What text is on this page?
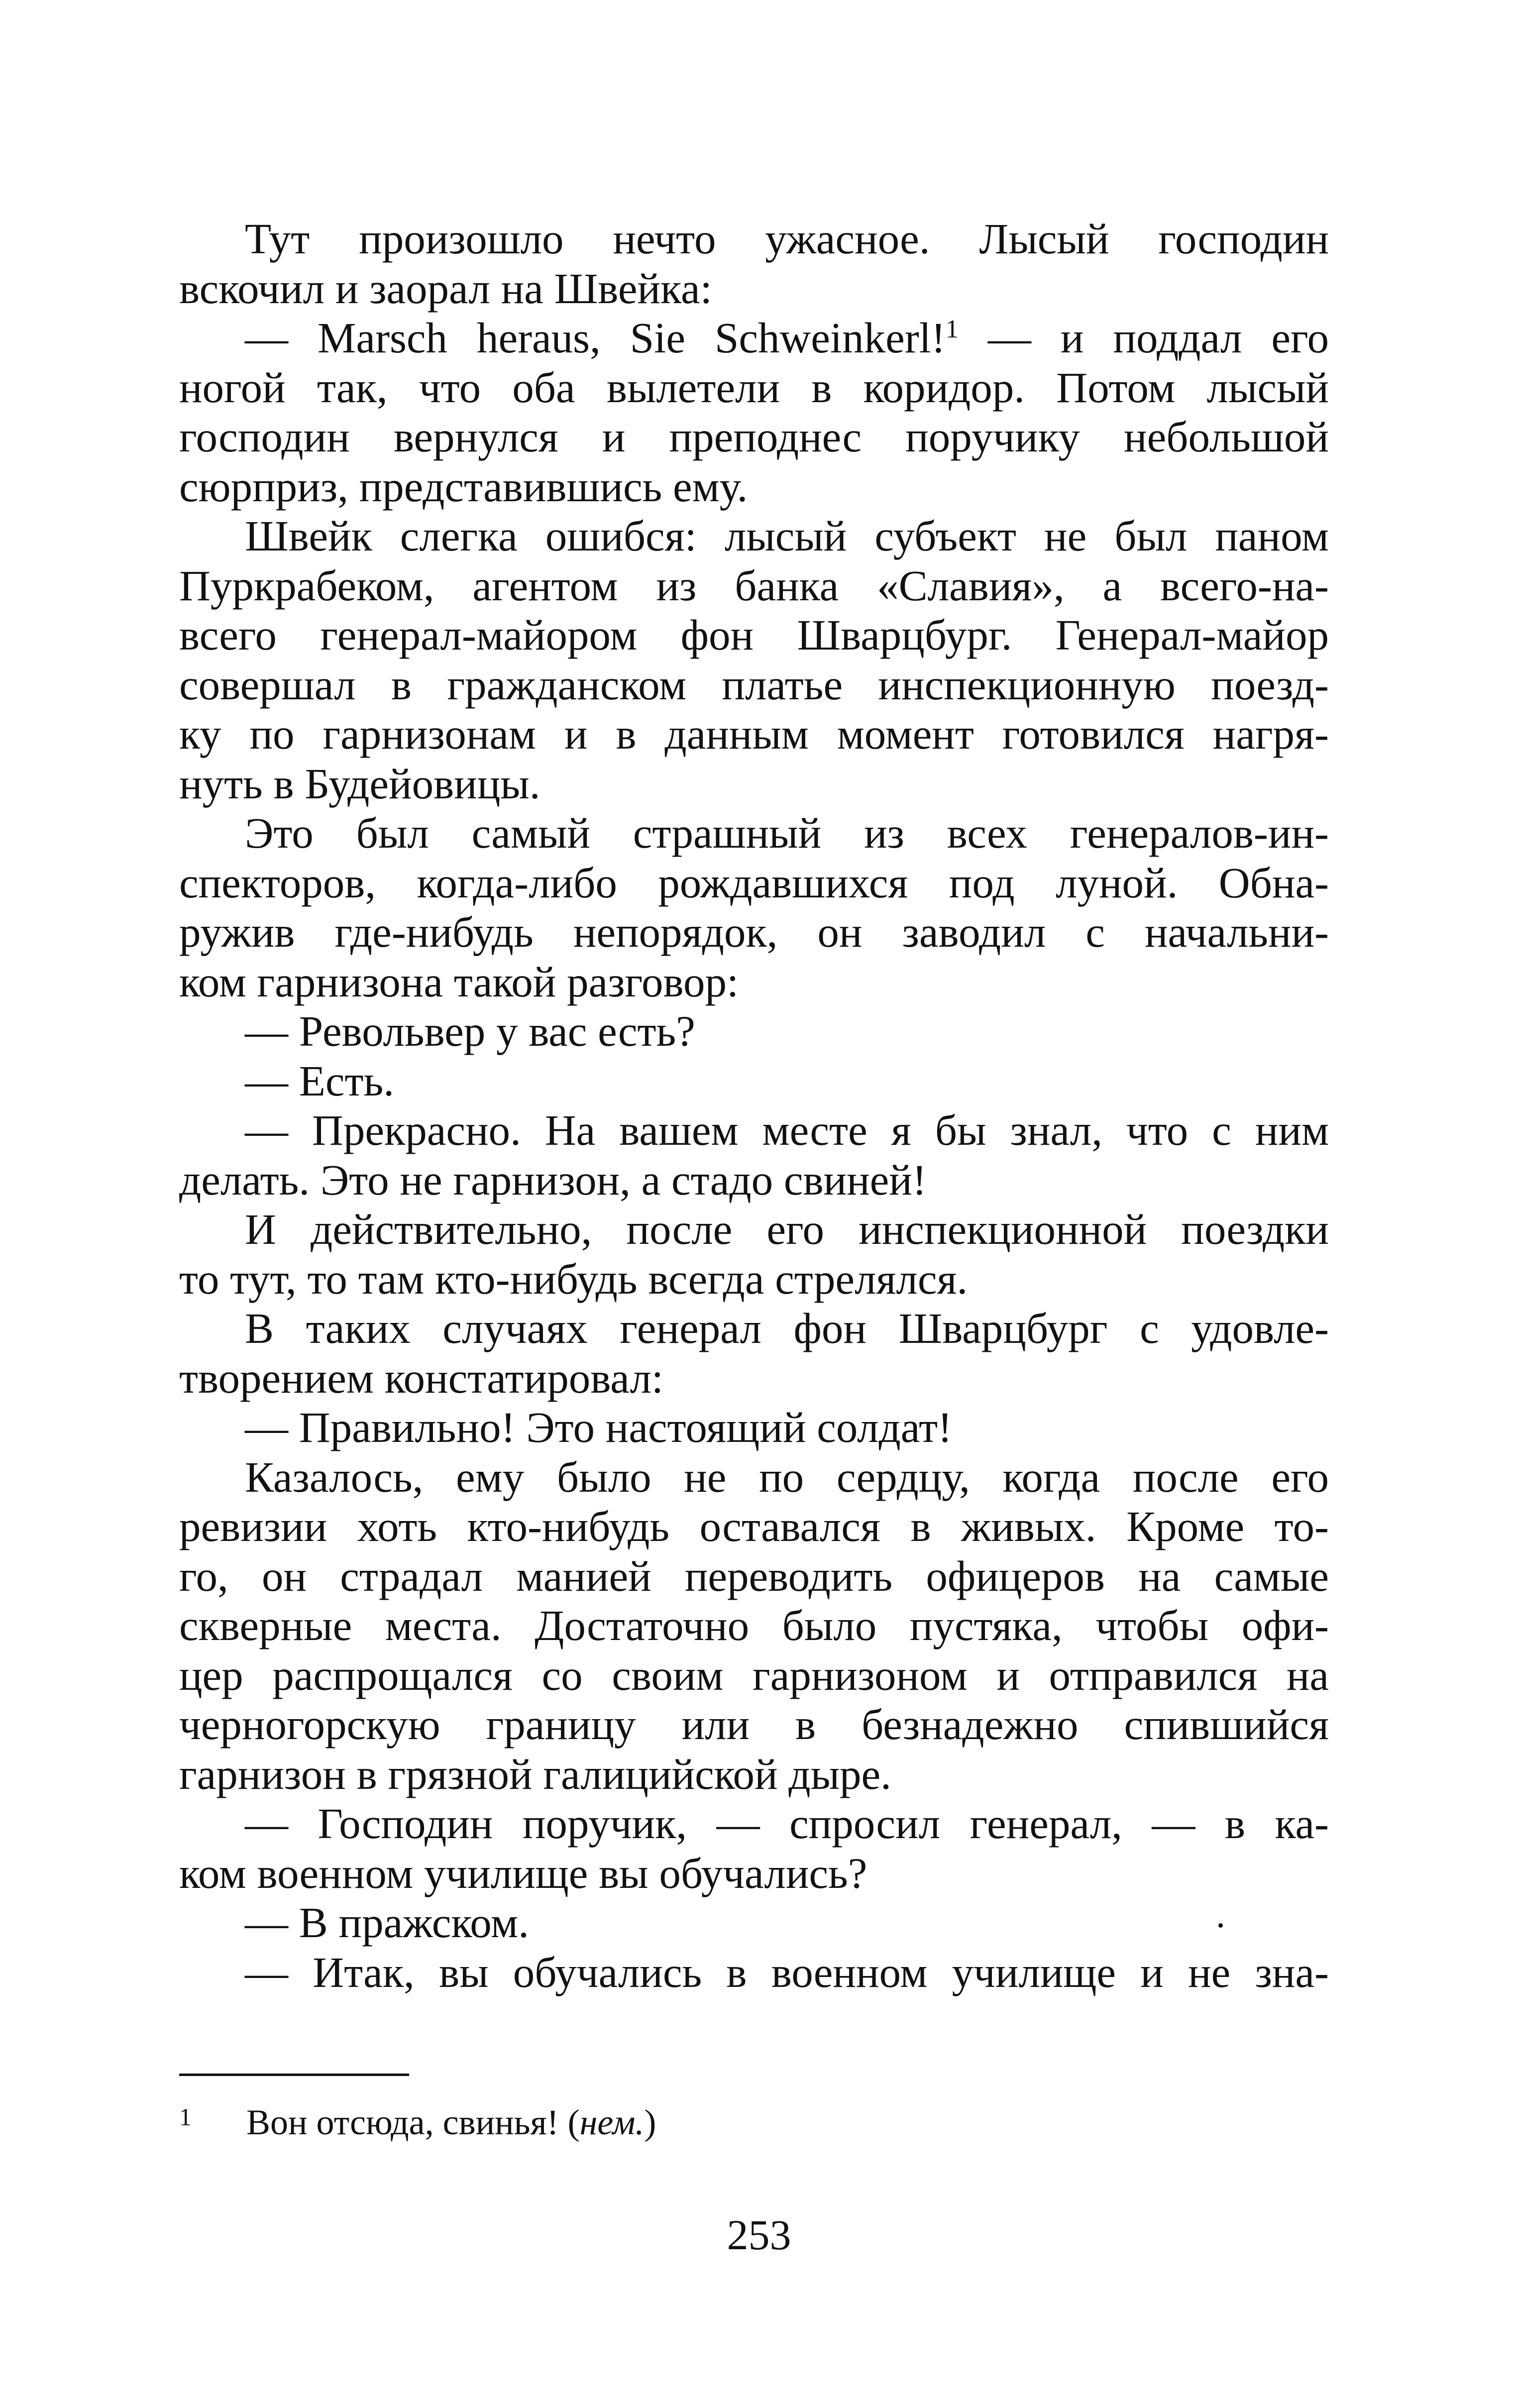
Тут произошло нечто ужасное. Лысый господин
вскочил и заорал на Швейка:
— Marsch heraus, Sie Schweinkerl!$^1$ — и поддал его
ногой так, что оба вылетели в коридор. Потом лысый
господин вернулся и преподнес поручику небольшой
сюрприз, представившись ему.
Швейк слегка ошибся: лысый субъект не был паном
Пуркрабеком, агентом из банка «Славия», а всего-на-
всего генерал-майором фон Шварцбург. Генерал-майор
совершал в гражданском платье инспекционную поезд-
ку по гарнизонам и в данным момент готовился нагря-
нуть в Будейовицы.
Это был самый страшный из всех генералов-ин-
спекторов, когда-либо рождавшихся под луной. Обна-
ружив где-нибудь непорядок, он заводил с начальни-
ком гарнизона такой разговор:
— Револьвер у вас есть?
— Есть.
— Прекрасно. На вашем месте я бы знал, что с ним
делать. Это не гарнизон, а стадо свиней!
И действительно, после его инспекционной поездки
то тут, то там кто-нибудь всегда стрелялся.
В таких случаях генерал фон Шварцбург с удовле-
творением констатировал:
— Правильно! Это настоящий солдат!
Казалось, ему было не по сердцу, когда после его
ревизии хоть кто-нибудь оставался в живых. Кроме то-
го, он страдал манией переводить офицеров на самые
скверные места. Достаточно было пустяка, чтобы офи-
цер распрощался со своим гарнизоном и отправился на
черногорскую границу или в безнадежно спившийся
гарнизон в грязной галицийской дыре.
— Господин поручик, — спросил генерал, — в ка-
ком военном училище вы обучались?
— В пражском.
— Итак, вы обучались в военном училище и не зна-
1 Вон отсюда, свинья! (нем.)
253
